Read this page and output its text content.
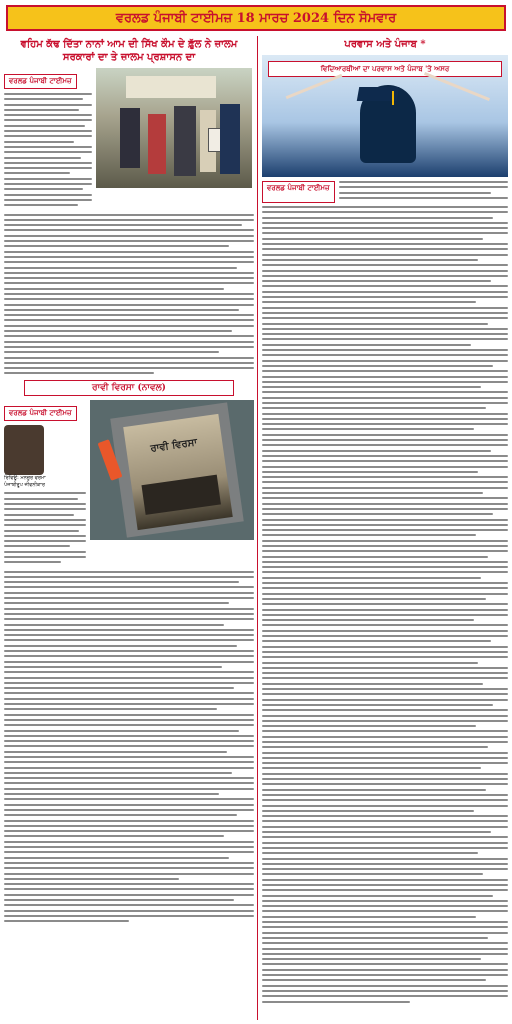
ਵਰਲਡ ਪੰਜਾਬੀ ਟਾਈਮਜ਼ 18 ਮਾਰਚ 2024 ਦਿਨ ਸੋਮਵਾਰ
ਵਹਿਮ ਕੱਢ ਦਿੱਤਾ ਨਾਨਾਂ ਆਮ ਦੀ ਸਿੱਖ ਕੌਮ ਦੇ ਫ਼ੁੱਲ ਨੇ ਜ਼ਾਲਮ ਸਰਕਾਰਾਂ ਦਾ ਤੇ ਜ਼ਾਲਮ ਪ੍ਰਸ਼ਾਸਨ ਦਾ
ਵਰਲਡ ਪੰਜਾਬੀ ਟਾਈਮਜ਼
ਰਾਵੀ ਵਿਰਸਾ (ਨਾਵਲ)
ਵਰਲਡ ਪੰਜਾਬੀ ਟਾਈਮਜ਼
ਰਿਵਿਊ: ਮਨਜ਼ੂਰ ਵਰਮਾ
ਪੰਜਾਬੀਰੂਪ ਜੀਵਨੀਕਾਰ
ਰਾਵੀ ਵਿਰਸਾ
ਪਰਵਾਸ ਅਤੇ ਪੰਜਾਬ *
ਵਿਦਿਆਰਥੀਆਂ ਦਾ ਪਰਵਾਸ ਅਤੇ ਪੰਜਾਬ 'ਤੇ ਅਸਰ
ਵਰਲਡ ਪੰਜਾਬੀ ਟਾਈਮਜ਼
